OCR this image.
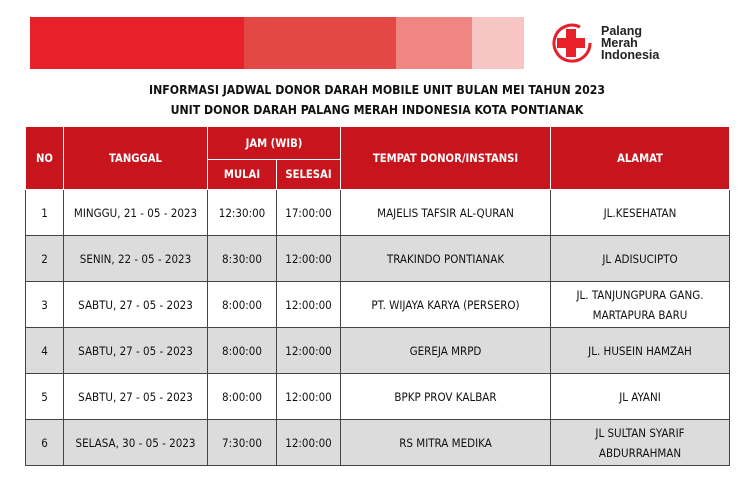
Palang
Merah
Indonesia
INFORMASI JADWAL DONOR DARAH MOBILE UNIT BULAN MEI TAHUN 2023
UNIT DONOR DARAH PALANG MERAH INDONESIA KOTA PONTIANAK
NO	TANGGAL	JAM (WIB)		TEMPAT DONOR/INSTANSI	ALAMAT
		MULAI	SELESAI		
1	MINGGU, 21 - 05 - 2023	12:30:00	17:00:00	MAJELIS TAFSIR AL-QURAN	JL.KESEHATAN

2	SENIN, 22 - 05 - 2023	8:30:00	12:00:00	TRAKINDO PONTIANAK	JL ADISUCIPTO

3	SABTU, 27 - 05 - 2023	8:00:00	12:00:00	PT. WIJAYA KARYA (PERSERO)	JL. TANJUNGPURA GANG.
MARTAPURA BARU

4	SABTU, 27 - 05 - 2023	8:00:00	12:00:00	GEREJA MRPD	JL. HUSEIN HAMZAH

5	SABTU, 27 - 05 - 2023	8:00:00	12:00:00	BPKP PROV KALBAR	JL AYANI

6	SELASA, 30 - 05 - 2023	7:30:00	12:00:00	RS MITRA MEDIKA	JL SULTAN SYARIF
ABDURRAHMAN
